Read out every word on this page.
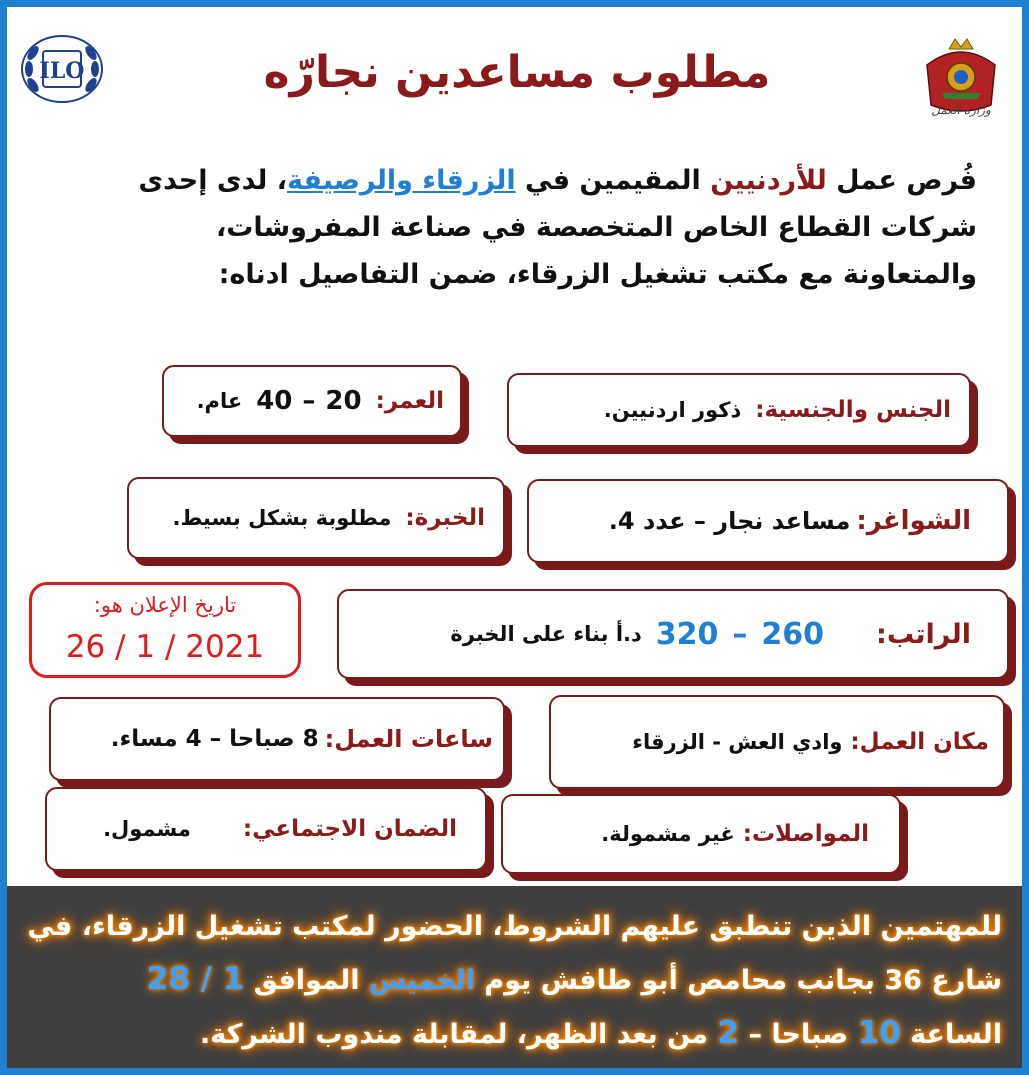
ILO
وزارة العمل
مطلوب مساعدين نجارّه

فُرص عمل للأردنيين المقيمين في الزرقاء والرصيفة، لدى إحدى

شركات القطاع الخاص المتخصصة في صناعة المفروشات،

والمتعاونة مع مكتب تشغيل الزرقاء، ضمن التفاصيل ادناه:

الجنس والجنسية:
ذكور اردنيين.
العمر:
20
–
40
عام.
الشواغر:
مساعد نجار – عدد 4.
الخبرة:
مطلوبة بشكل بسيط.
الراتب:
260
–
320
د.أ بناء على الخبرة
ساعات العمل:
8 صباحا – 4 مساء.	مكان العمل:
وادي العش - الزرقاء
المواصلات:
غير مشمولة.
الضمان الاجتماعي:
مشمول.
تاريخ الإعلان هو:
26 / 1 / 2021

للمهتمين الذين تنطبق عليهم الشروط، الحضور لمكتب تشغيل الزرقاء، في

شارع 36 بجانب محامص أبو طافش يوم الخميس الموافق 28 / 1

الساعة 10 صباحا – 2 من بعد الظهر، لمقابلة مندوب الشركة.
